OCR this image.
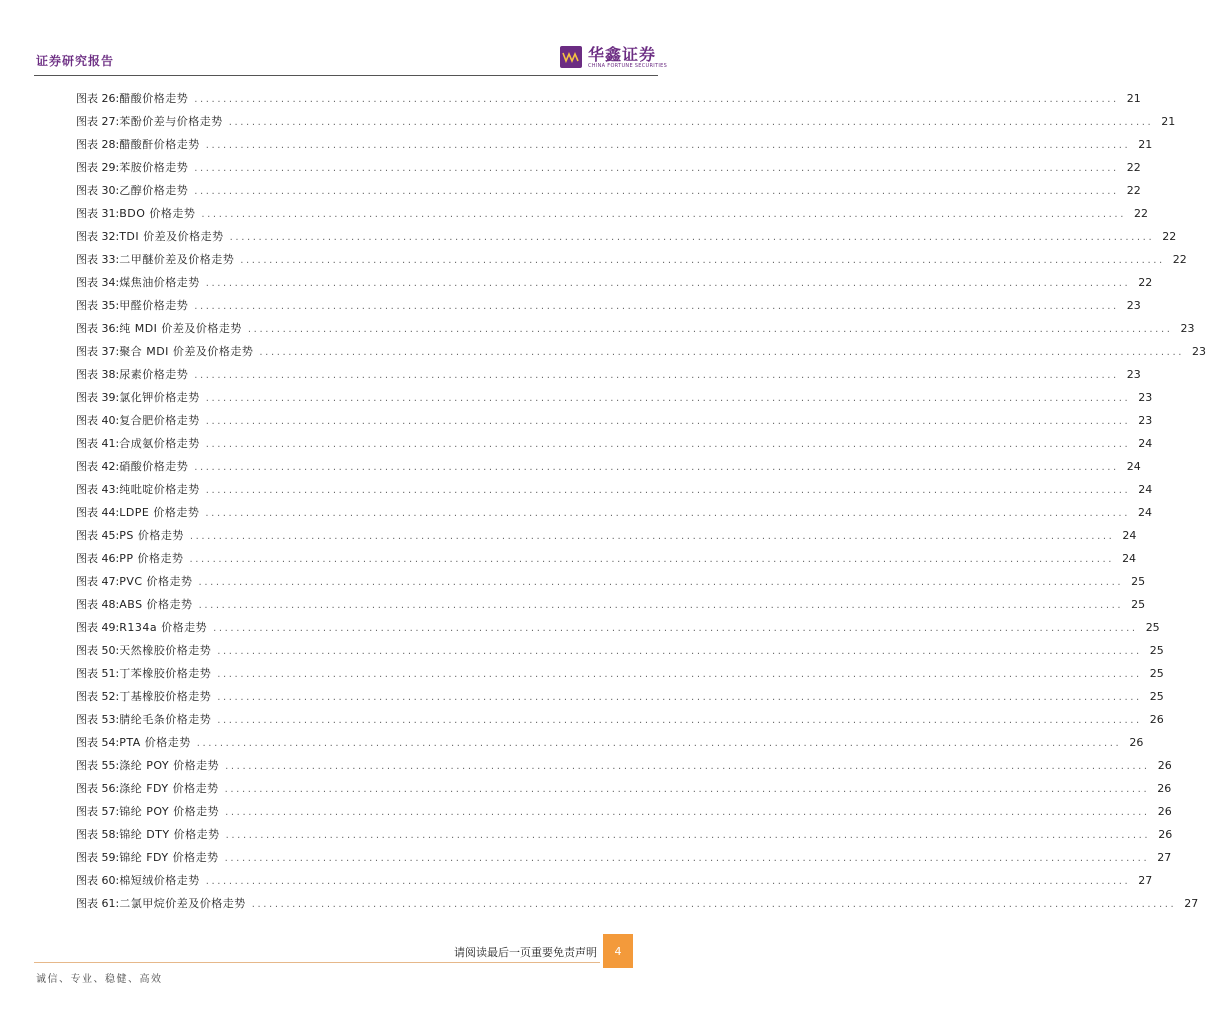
证券研究报告	华鑫证券
CHINA FORTUNE SECURITIES
图表 26: 醋酸价格走势 ................................................................................................................................................................ 21
图表 27: 苯酚价差与价格走势 ................................................................................................................................................................ 21
图表 28: 醋酸酐价格走势 ................................................................................................................................................................ 21
图表 29: 苯胺价格走势 ................................................................................................................................................................ 22
图表 30: 乙醇价格走势 ................................................................................................................................................................ 22
图表 31: BDO 价格走势 ................................................................................................................................................................ 22
图表 32: TDI 价差及价格走势 ................................................................................................................................................................ 22
图表 33: 二甲醚价差及价格走势 ................................................................................................................................................................ 22
图表 34: 煤焦油价格走势 ................................................................................................................................................................ 22
图表 35: 甲醛价格走势 ................................................................................................................................................................ 23
图表 36: 纯 MDI 价差及价格走势 ................................................................................................................................................................ 23
图表 37: 聚合 MDI 价差及价格走势 ................................................................................................................................................................ 23
图表 38: 尿素价格走势 ................................................................................................................................................................ 23
图表 39: 氯化钾价格走势 ................................................................................................................................................................ 23
图表 40: 复合肥价格走势 ................................................................................................................................................................ 23
图表 41: 合成氨价格走势 ................................................................................................................................................................ 24
图表 42: 硝酸价格走势 ................................................................................................................................................................ 24
图表 43: 纯吡啶价格走势 ................................................................................................................................................................ 24
图表 44: LDPE 价格走势 ................................................................................................................................................................ 24
图表 45: PS 价格走势 ................................................................................................................................................................ 24
图表 46: PP 价格走势 ................................................................................................................................................................ 24
图表 47: PVC 价格走势 ................................................................................................................................................................ 25
图表 48: ABS 价格走势 ................................................................................................................................................................ 25
图表 49: R134a 价格走势 ................................................................................................................................................................ 25
图表 50: 天然橡胶价格走势 ................................................................................................................................................................ 25
图表 51: 丁苯橡胶价格走势 ................................................................................................................................................................ 25
图表 52: 丁基橡胶价格走势 ................................................................................................................................................................ 25
图表 53: 腈纶毛条价格走势 ................................................................................................................................................................ 26
图表 54: PTA 价格走势 ................................................................................................................................................................ 26
图表 55: 涤纶 POY 价格走势 ................................................................................................................................................................ 26
图表 56: 涤纶 FDY 价格走势 ................................................................................................................................................................ 26
图表 57: 锦纶 POY 价格走势 ................................................................................................................................................................ 26
图表 58: 锦纶 DTY 价格走势 ................................................................................................................................................................ 26
图表 59: 锦纶 FDY 价格走势 ................................................................................................................................................................ 27
图表 60: 棉短绒价格走势 ................................................................................................................................................................ 27
图表 61: 二氯甲烷价差及价格走势 ................................................................................................................................................................ 27
请阅读最后一页重要免责声明	4
诚信、专业、稳健、高效
